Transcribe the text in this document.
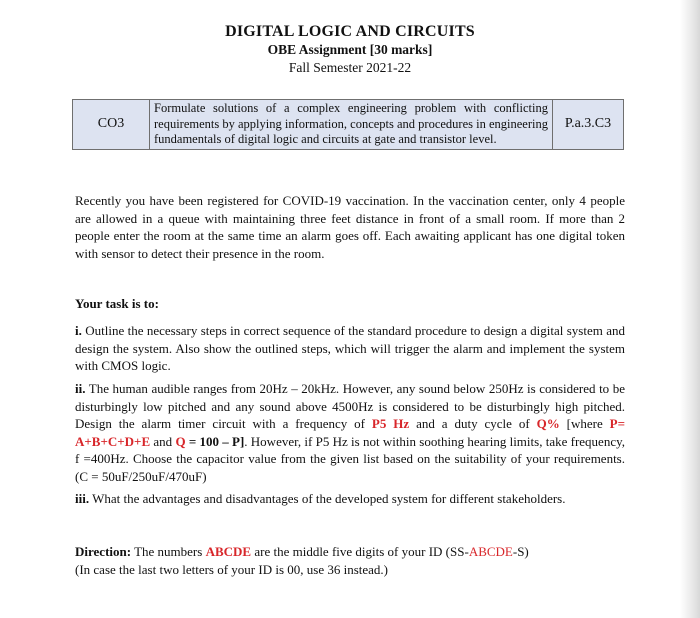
DIGITAL LOGIC AND CIRCUITS
OBE Assignment [30 marks]
Fall Semester 2021-22
CO3	Formulate solutions of a complex engineering problem with conflicting requirements by applying information, concepts and procedures in engineering fundamentals of digital logic and circuits at gate and transistor level.	P.a.3.C3

Recently you have been registered for COVID-19 vaccination. In the vaccination center, only 4 people are allowed in a queue with maintaining three feet distance in front of a small room. If more than 2 people enter the room at the same time an alarm goes off. Each awaiting applicant has one digital token with sensor to detect their presence in the room.

Your task is to:

i. Outline the necessary steps in correct sequence of the standard procedure to design a digital system and design the system. Also show the outlined steps, which will trigger the alarm and implement the system with CMOS logic.

ii. The human audible ranges from 20Hz – 20kHz. However, any sound below 250Hz is considered to be disturbingly low pitched and any sound above 4500Hz is considered to be disturbingly high pitched. Design the alarm timer circuit with a frequency of P5 Hz and a duty cycle of Q% [where P= A+B+C+D+E and Q = 100 – P]. However, if P5 Hz is not within soothing hearing limits, take frequency, f =400Hz. Choose the capacitor value from the given list based on the suitability of your requirements. (C = 50uF/250uF/470uF)

iii. What the advantages and disadvantages of the developed system for different stakeholders.

Direction: The numbers ABCDE are the middle five digits of your ID (SS-ABCDE-S)
(In case the last two letters of your ID is 00, use 36 instead.)
